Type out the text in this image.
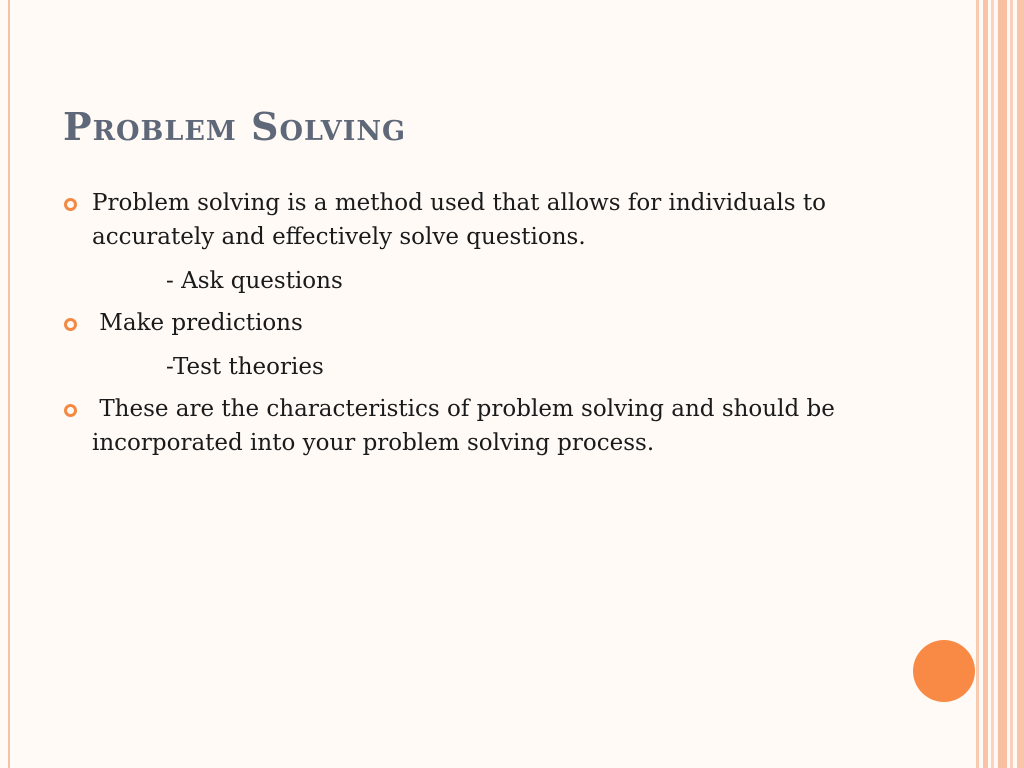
Problem Solving
Problem solving is a method used that allows for individuals to accurately and effectively solve questions.
- Ask questions
Make predictions
-Test theories
These are the characteristics of problem solving and should be incorporated into your problem solving process.
